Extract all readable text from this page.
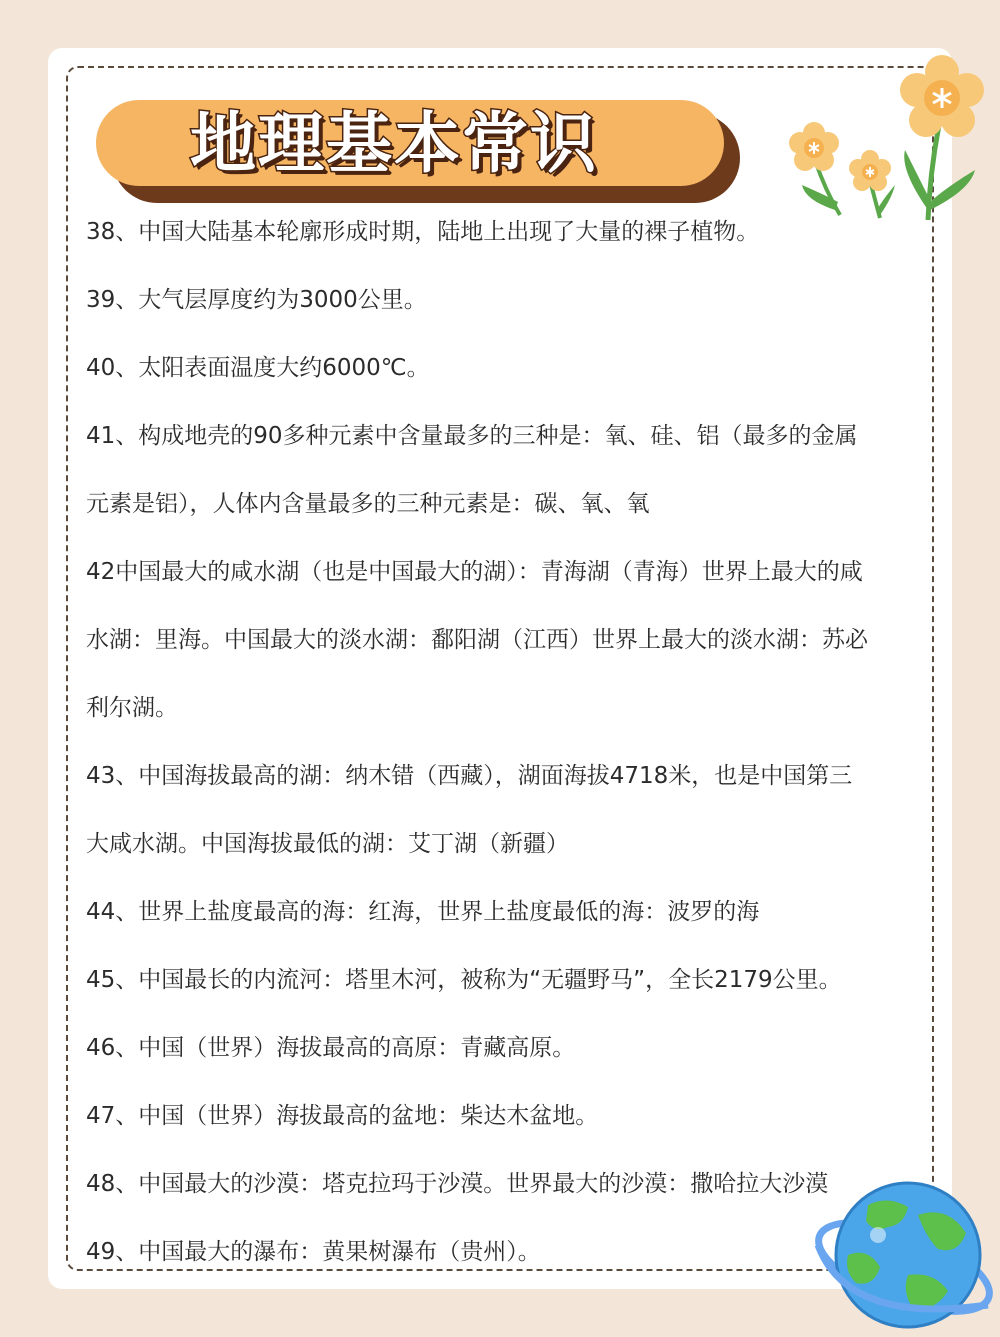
地理基本常识
38、中国大陆基本轮廓形成时期，陆地上出现了大量的裸子植物。
39、大气层厚度约为3000公里。
40、太阳表面温度大约6000℃。
41、构成地壳的90多种元素中含量最多的三种是：氧、硅、铝（最多的金属
元素是铝），人体内含量最多的三种元素是：碳、氧、氧
42中国最大的咸水湖（也是中国最大的湖）：青海湖（青海）世界上最大的咸
水湖：里海。中国最大的淡水湖：鄱阳湖（江西）世界上最大的淡水湖：苏必
利尔湖。
43、中国海拔最高的湖：纳木错（西藏），湖面海拔4718米，也是中国第三
大咸水湖。中国海拔最低的湖：艾丁湖（新疆）
44、世界上盐度最高的海：红海，世界上盐度最低的海：波罗的海
45、中国最长的内流河：塔里木河，被称为“无疆野马”，全长2179公里。
46、中国（世界）海拔最高的高原：青藏高原。
47、中国（世界）海拔最高的盆地：柴达木盆地。
48、中国最大的沙漠：塔克拉玛于沙漠。世界最大的沙漠：撒哈拉大沙漠
49、中国最大的瀑布：黄果树瀑布（贵州）。
